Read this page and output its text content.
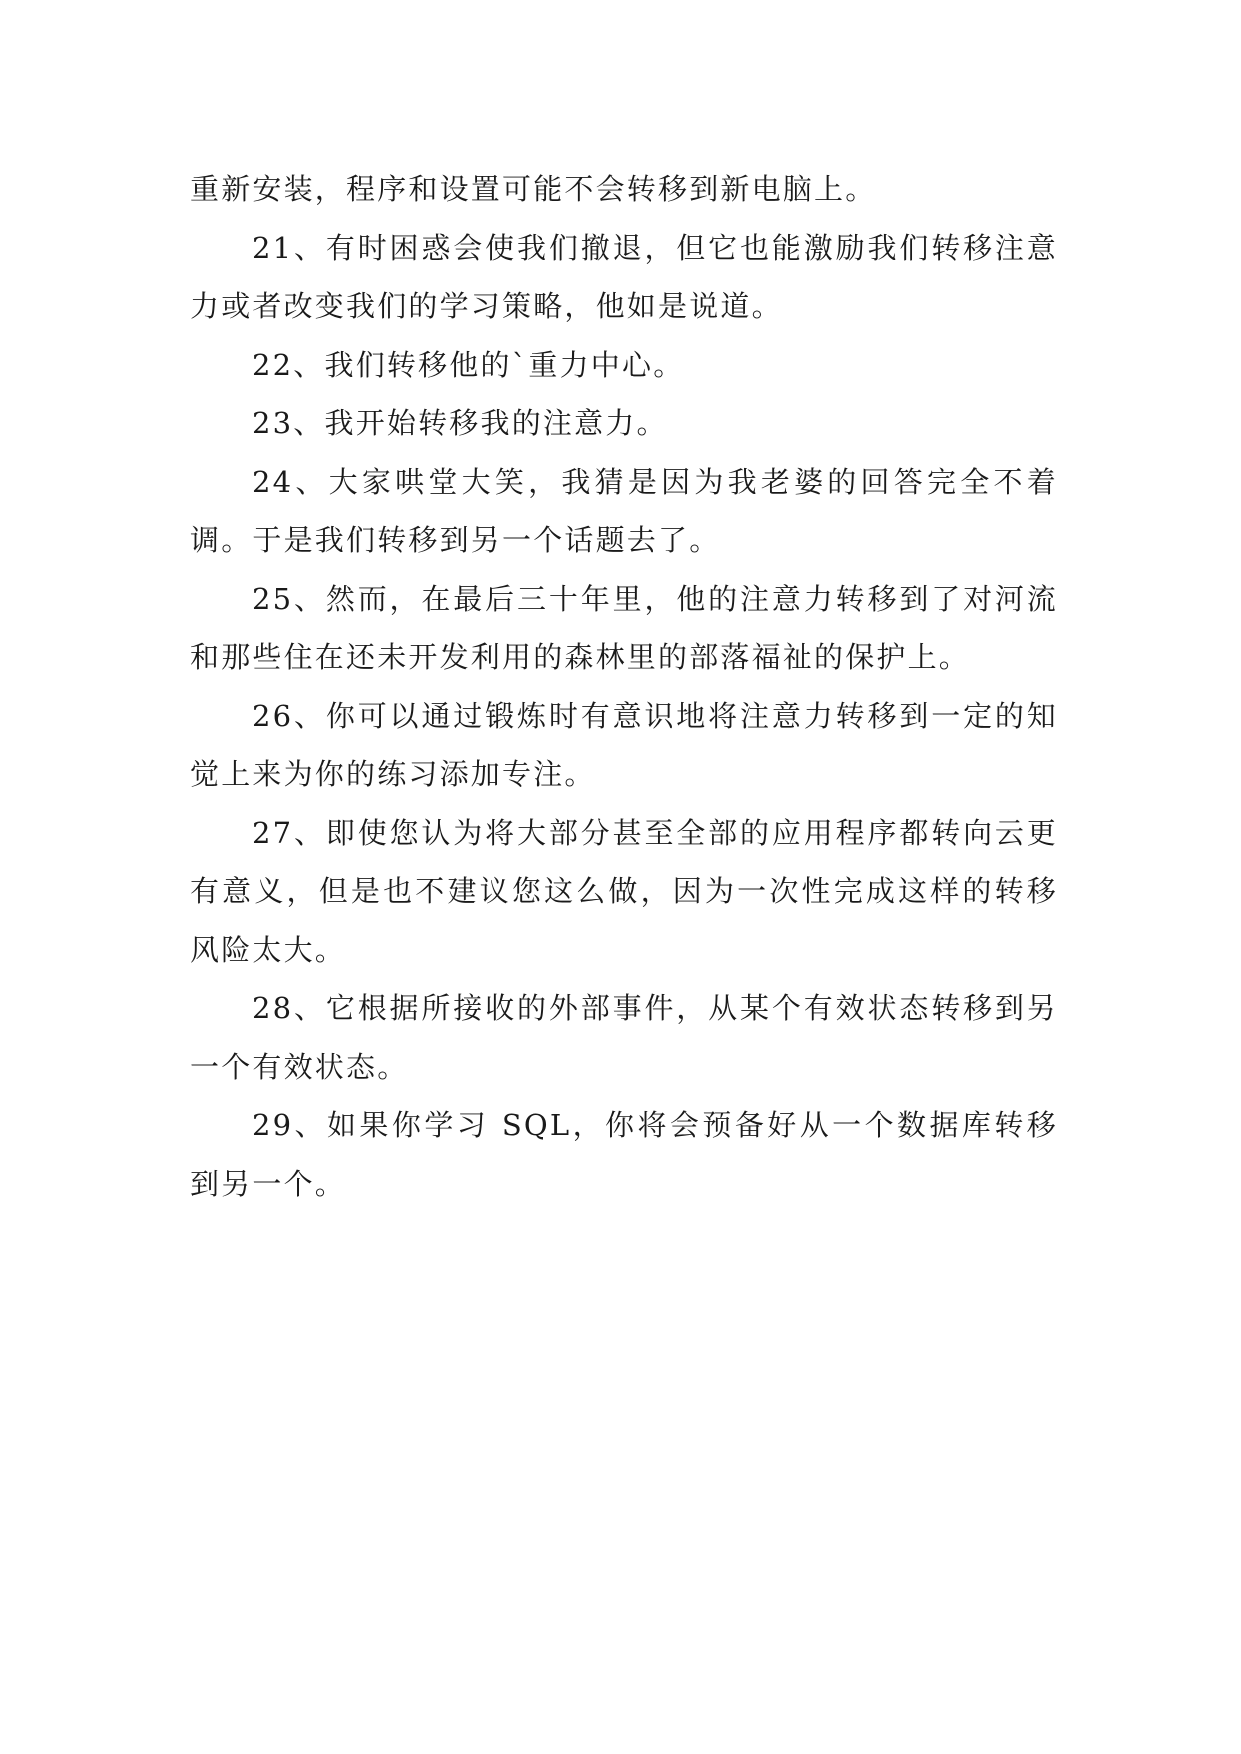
重新安装，程序和设置可能不会转移到新电脑上。

21、有时困惑会使我们撤退，但它也能激励我们转移注意力或者改变我们的学习策略，他如是说道。

22、我们转移他的`重力中心。

23、我开始转移我的注意力。

24、大家哄堂大笑，我猜是因为我老婆的回答完全不着调。于是我们转移到另一个话题去了。

25、然而，在最后三十年里，他的注意力转移到了对河流和那些住在还未开发利用的森林里的部落福祉的保护上。

26、你可以通过锻炼时有意识地将注意力转移到一定的知觉上来为你的练习添加专注。

27、即使您认为将大部分甚至全部的应用程序都转向云更有意义，但是也不建议您这么做，因为一次性完成这样的转移风险太大。

28、它根据所接收的外部事件，从某个有效状态转移到另一个有效状态。

29、如果你学习 SQL，你将会预备好从一个数据库转移到另一个。
